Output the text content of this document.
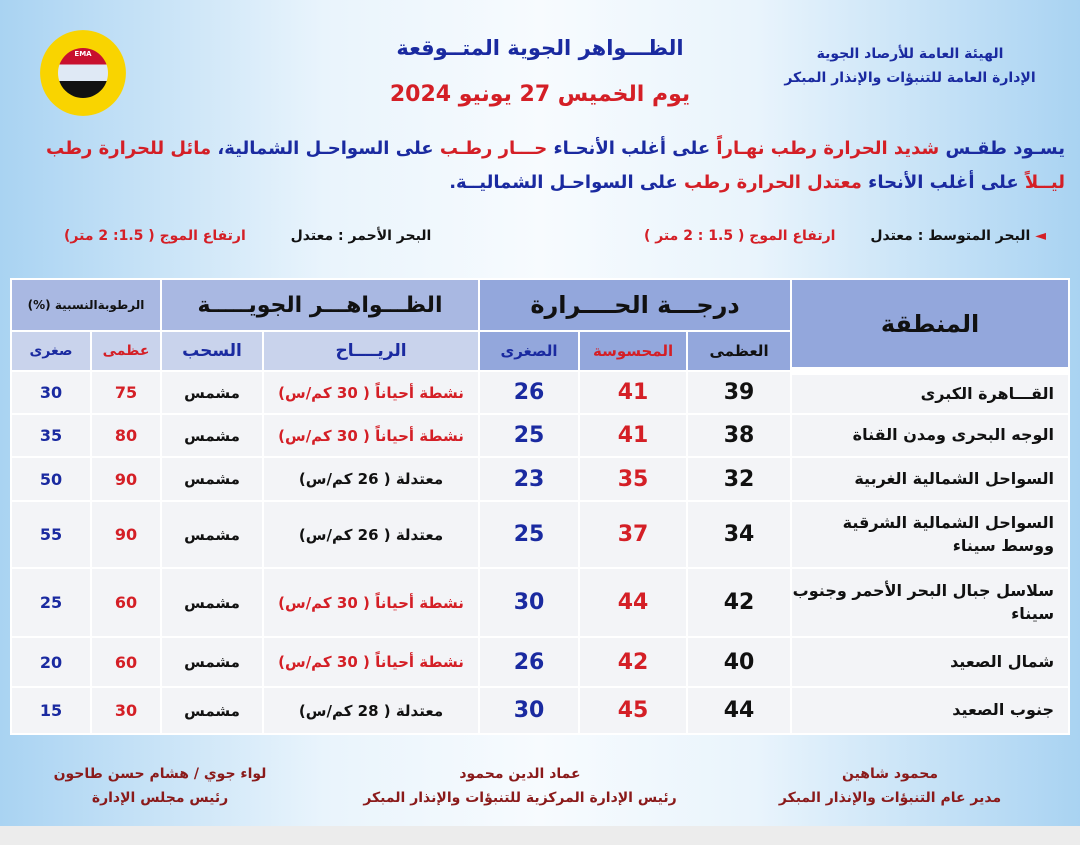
EMA	الهيئة العامة للأرصاد الجوية
الإدارة العامة للتنبؤات والإنذار المبكر
الظـــواهر الجوية المتــوقعة
يوم الخميس 27 يونيو 2024
يسـود طقـس شديد الحرارة رطب نهـاراً على أغلب الأنحـاء حـــار رطـب على السواحـل الشمالية، مائل للحرارة رطب ليــلاً على أغلب الأنحاء معتدل الحرارة رطب على السواحـل الشماليــة.
◄ البحر المتوسط : معتدل ارتفاع الموج ( 1.5 : 2 متر )
البحر الأحمر : معتدل ارتفاع الموج ( 1.5: 2 متر)
المنطقة	درجـــة الحــــرارة			الظـــواهـــر الجويـــــة		الرطوبةالنسبية (%)	
	العظمى	المحسوسة	الصغرى	الريــــاح	السحب	عظمى	صغرى
القـــاهرة الكبرى	39	41	26	نشطة أحياناً ( 30 كم/س)	مشمس	75	30
الوجه البحرى ومدن القناة	38	41	25	نشطة أحياناً ( 30 كم/س)	مشمس	80	35
السواحل الشمالية الغربية	32	35	23	معتدلة ( 26 كم/س)	مشمس	90	50
السواحل الشمالية الشرقية ووسط سيناء	34	37	25	معتدلة ( 26 كم/س)	مشمس	90	55
سلاسل جبال البحر الأحمر وجنوب سيناء	42	44	30	نشطة أحياناً ( 30 كم/س)	مشمس	60	25
شمال الصعيد	40	42	26	نشطة أحياناً ( 30 كم/س)	مشمس	60	20
جنوب الصعيد	44	45	30	معتدلة ( 28 كم/س)	مشمس	30	15
محمود شاهين
مدير عام التنبؤات والإنذار المبكر
عماد الدين محمود
رئيس الإدارة المركزية للتنبؤات والإنذار المبكر
لواء جوي / هشام حسن طاحون
رئيس مجلس الإدارة
